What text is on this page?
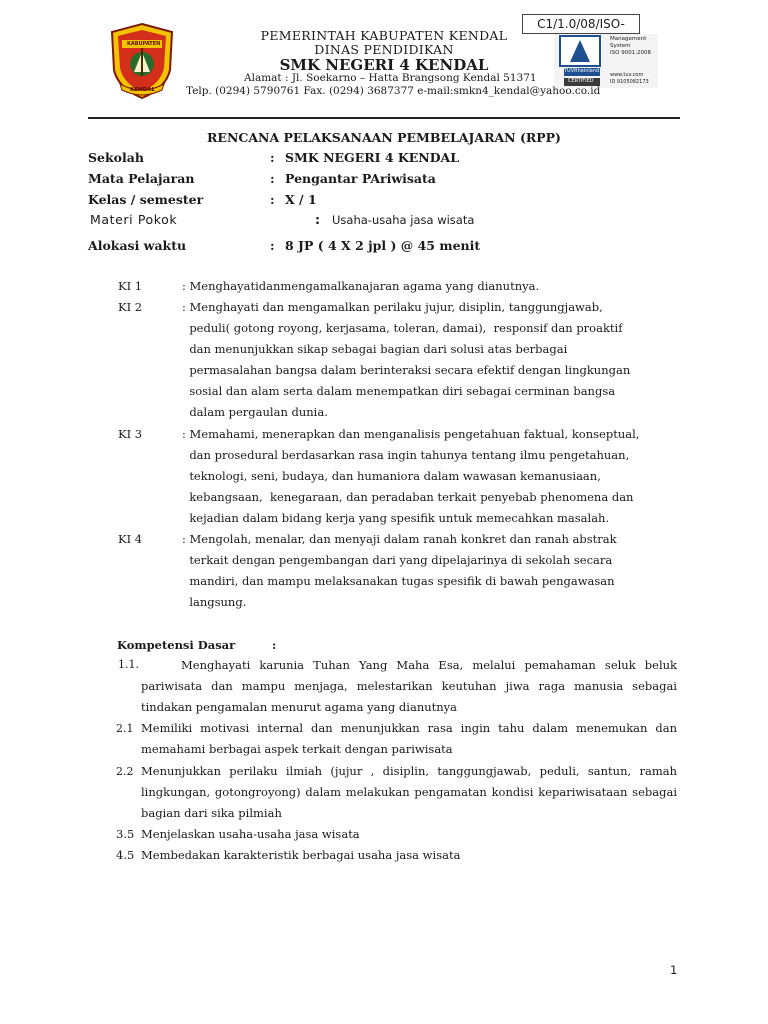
KABUPATEN
KENDAL
C1/1.0/08/ISO-
TÜVRheinland
CERTIFIED
Management
System
ISO 9001:2008
www.tuv.com
ID 9105082173
PEMERINTAH KABUPATEN KENDAL
DINAS PENDIDIKAN
SMK NEGERI 4 KENDAL
Alamat : Jl. Soekarno – Hatta Brangsong Kendal 51371
Telp. (0294) 5790761 Fax. (0294) 3687377 e-mail:smkn4_kendal@yahoo.co.id
RENCANA PELAKSANAAN PEMBELAJARAN (RPP)
Sekolah	: SMK NEGERI 4 KENDAL
Mata Pelajaran	: Pengantar PAriwisata
Kelas / semester	: X / 1
Materi Pokok	: Usaha-usaha jasa wisata
Alokasi waktu	: 8 JP ( 4 X 2 jpl ) @ 45 menit
KI 1	: Menghayatidanmengamalkanajaran agama yang dianutnya.
KI 2	: Menghayati dan mengamalkan perilaku jujur, disiplin, tanggungjawab,
peduli( gotong royong, kerjasama, toleran, damai),  responsif dan proaktif
dan menunjukkan sikap sebagai bagian dari solusi atas berbagai
permasalahan bangsa dalam berinteraksi secara efektif dengan lingkungan
sosial dan alam serta dalam menempatkan diri sebagai cerminan bangsa
dalam pergaulan dunia.
KI 3	: Memahami, menerapkan dan menganalisis pengetahuan faktual, konseptual,
dan prosedural berdasarkan rasa ingin tahunya tentang ilmu pengetahuan,
teknologi, seni, budaya, dan humaniora dalam wawasan kemanusiaan,
kebangsaan,  kenegaraan, dan peradaban terkait penyebab phenomena dan
kejadian dalam bidang kerja yang spesifik untuk memecahkan masalah.
KI 4	: Mengolah, menalar, dan menyaji dalam ranah konkret dan ranah abstrak
terkait dengan pengembangan dari yang dipelajarinya di sekolah secara
mandiri, dan mampu melaksanakan tugas spesifik di bawah pengawasan
langsung.
Kompetensi Dasar	:
1.1.	Menghayati karunia Tuhan Yang Maha Esa, melalui pemahaman seluk beluk pariwisata dan mampu menjaga, melestarikan keutuhan jiwa raga manusia sebagai tindakan pengamalan menurut agama yang dianutnya
2.1 Memiliki motivasi internal dan menunjukkan rasa ingin tahu dalam menemukan dan memahami berbagai aspek terkait dengan pariwisata
2.2 Menunjukkan perilaku ilmiah (jujur , disiplin, tanggungjawab, peduli, santun, ramah lingkungan, gotongroyong) dalam melakukan pengamatan kondisi kepariwisataan sebagai bagian dari sika pilmiah
3.5 Menjelaskan usaha-usaha jasa wisata
4.5 Membedakan karakteristik berbagai usaha jasa wisata
1
